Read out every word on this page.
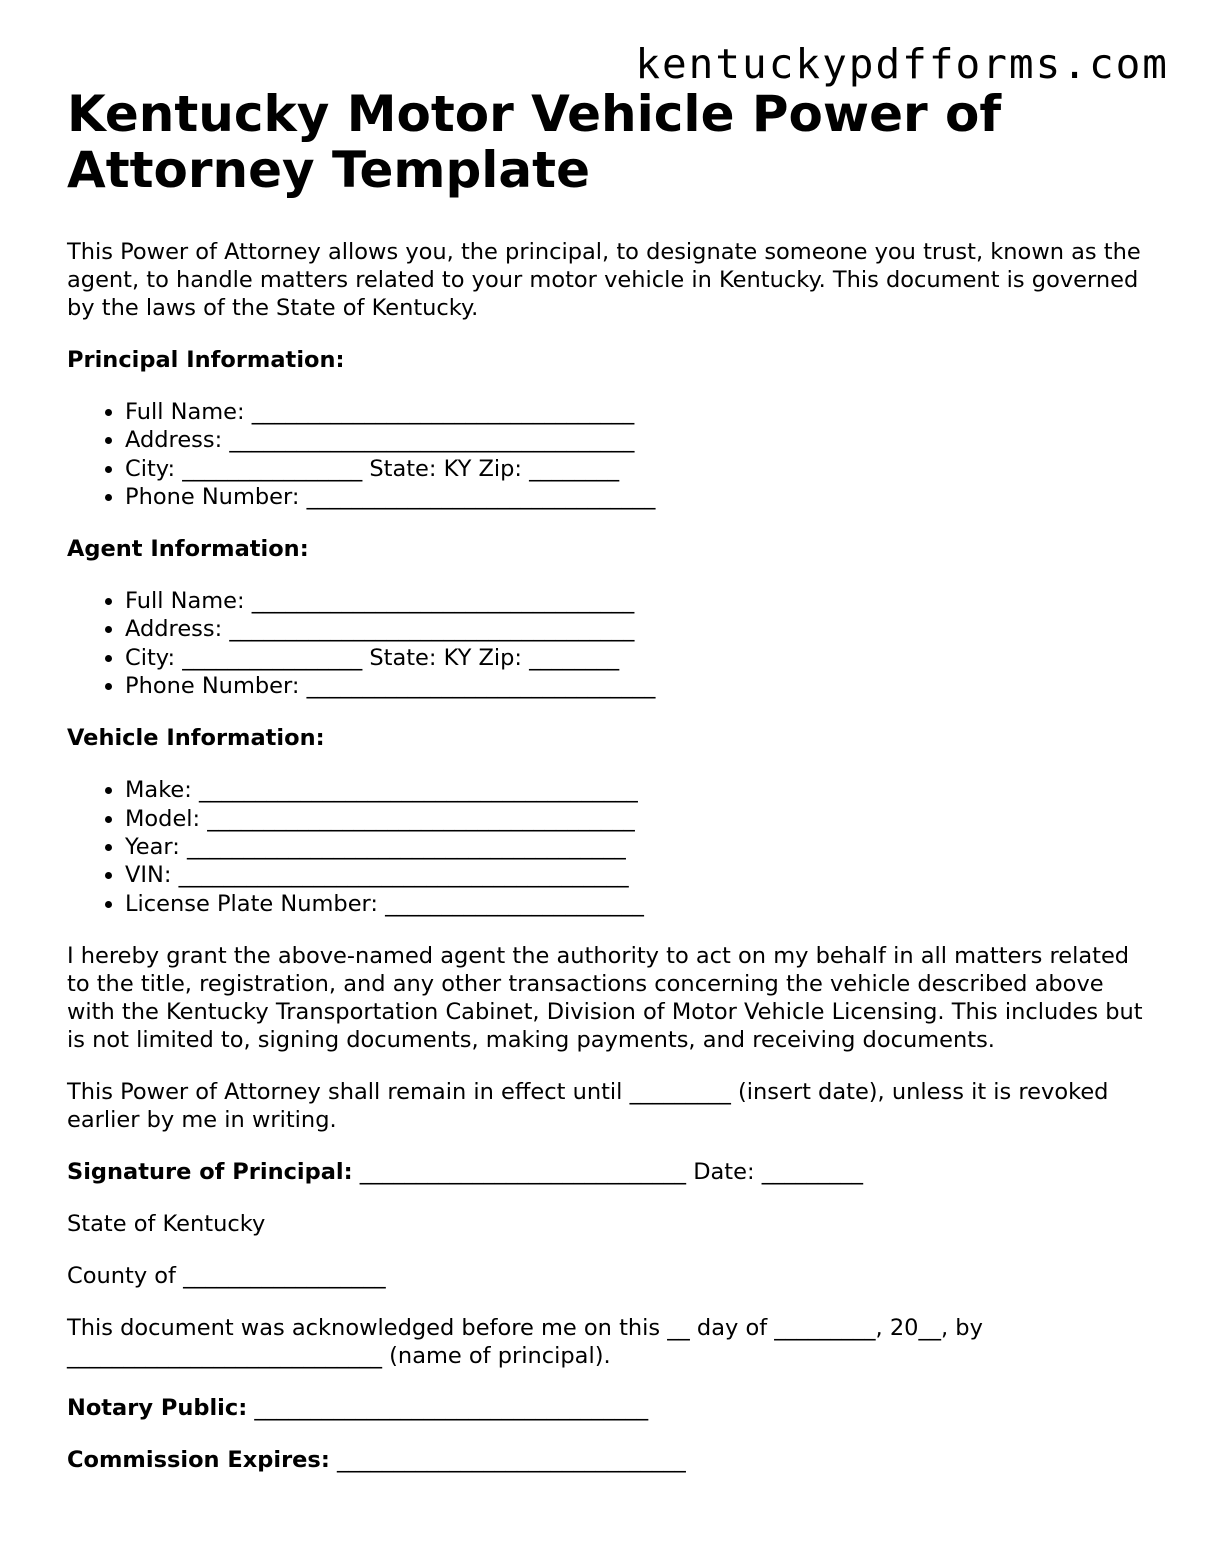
kentuckypdfforms.com
Kentucky Motor Vehicle Power of Attorney Template

This Power of Attorney allows you, the principal, to designate someone you trust, known as the agent, to handle matters related to your motor vehicle in Kentucky. This document is governed by the laws of the State of Kentucky.

Principal Information:

• Full Name: __________________________________
• Address: ____________________________________
• City: ________________ State: KY Zip: ________
• Phone Number: _______________________________

Agent Information:

• Full Name: __________________________________
• Address: ____________________________________
• City: ________________ State: KY Zip: ________
• Phone Number: _______________________________

Vehicle Information:

• Make: _______________________________________
• Model: ______________________________________
• Year: _______________________________________
• VIN: ________________________________________
• License Plate Number: _______________________

I hereby grant the above-named agent the authority to act on my behalf in all matters related to the title, registration, and any other transactions concerning the vehicle described above with the Kentucky Transportation Cabinet, Division of Motor Vehicle Licensing. This includes but is not limited to, signing documents, making payments, and receiving documents.

This Power of Attorney shall remain in effect until _________ (insert date), unless it is revoked earlier by me in writing.

Signature of Principal: _____________________________ Date: _________

State of Kentucky

County of __________________

This document was acknowledged before me on this __ day of _________, 20__, by ____________________________ (name of principal).

Notary Public: ___________________________________

Commission Expires: _______________________________
